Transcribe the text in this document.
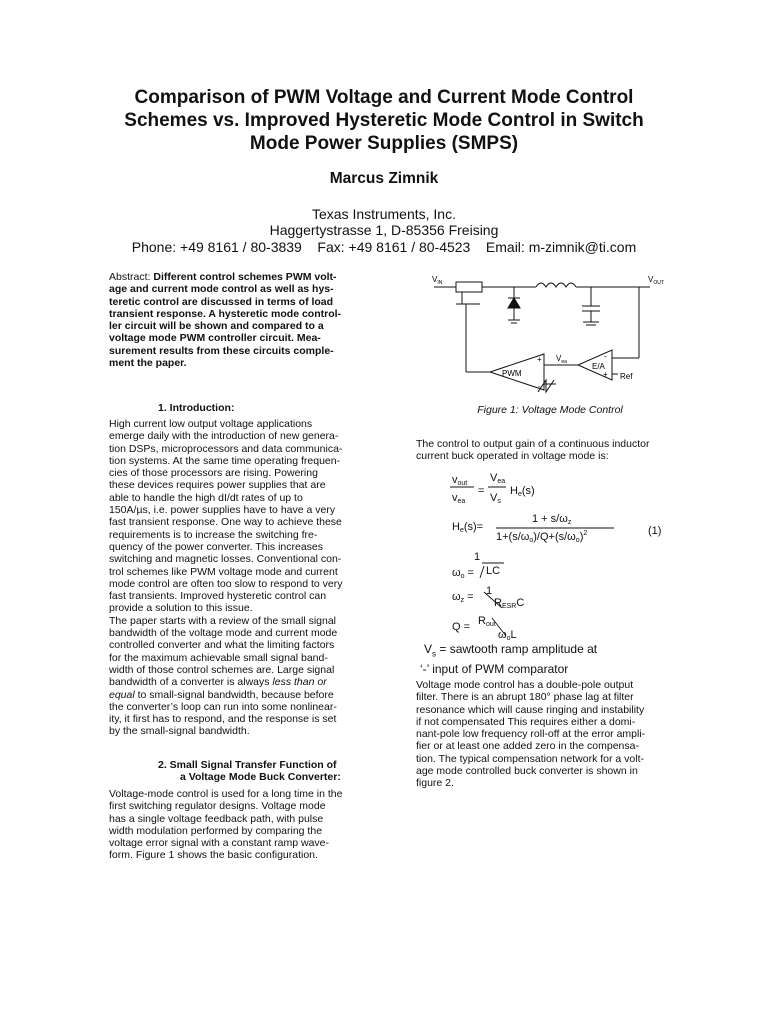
Comparison of PWM Voltage and Current Mode Control
Schemes vs. Improved Hysteretic Mode Control in Switch
Mode Power Supplies (SMPS)
Marcus Zimnik
Texas Instruments, Inc.
Haggertystrasse 1, D-85356 Freising
Phone: +49 8161 / 80-3839    Fax: +49 8161 / 80-4523    Email: m-zimnik@ti.com
Abstract: Different control schemes PWM volt-
age and current mode control as well as hys-
teretic control are discussed in terms of load
transient response. A hysteretic mode control-
ler circuit will be shown and compared to a
voltage mode PWM controller circuit. Mea-
surement results from these circuits comple-
ment the paper.
1. Introduction:
High current low output voltage applications
emerge daily with the introduction of new genera-
tion DSPs, microprocessors and data communica-
tion systems. At the same time operating frequen-
cies of those processors are rising. Powering
these devices requires power supplies that are
able to handle the high dI/dt rates of up to
150A/µs, i.e. power supplies have to have a very
fast transient response. One way to achieve these
requirements is to increase the switching fre-
quency of the power converter. This increases
switching and magnetic losses. Conventional con-
trol schemes like PWM voltage mode and current
mode control are often too slow to respond to very
fast transients. Improved hysteretic control can
provide a solution to this issue.
The paper starts with a review of the small signal
bandwidth of the voltage mode and current mode
controlled converter and what the limiting factors
for the maximum achievable small signal band-
width of those control schemes are. Large signal
bandwidth of a converter is always less than or
equal to small-signal bandwidth, because before
the converter’s loop can run into some nonlinear-
ity, it first has to respond, and the response is set
by the small-signal bandwidth.
2. Small Signal Transfer Function of
a Voltage Mode Buck Converter:
Voltage-mode control is used for a long time in the
first switching regulator designs. Voltage mode
has a single voltage feedback path, with pulse
width modulation performed by comparing the
voltage error signal with a constant ramp wave-
form. Figure 1 shows the basic configuration.
$V_{IN}$	$V_{OUT}$
$V_{ea}$
PWM
E/A
Ref
+
-
-
+
Figure 1: Voltage Mode Control
The control to output gain of a continuous inductor
current buck operated in voltage mode is:
vout
vea
=
Vea
Vs
He(s)
He(s)=
1 + s/ωz
$1+(s/\omega o)/Q+(s/\omega o)^2$	(1)
1
ωo = LC
ωz = 1
RESRC
Q = Rout
ωoL
$V_s$ = sawtooth ramp amplitude at
‘-’ input of PWM comparator
Voltage mode control has a double-pole output
filter. There is an abrupt 180° phase lag at filter
resonance which will cause ringing and instability
if not compensated This requires either a domi-
nant-pole low frequency roll-off at the error ampli-
fier or at least one added zero in the compensa-
tion. The typical compensation network for a volt-
age mode controlled buck converter is shown in
figure 2.
